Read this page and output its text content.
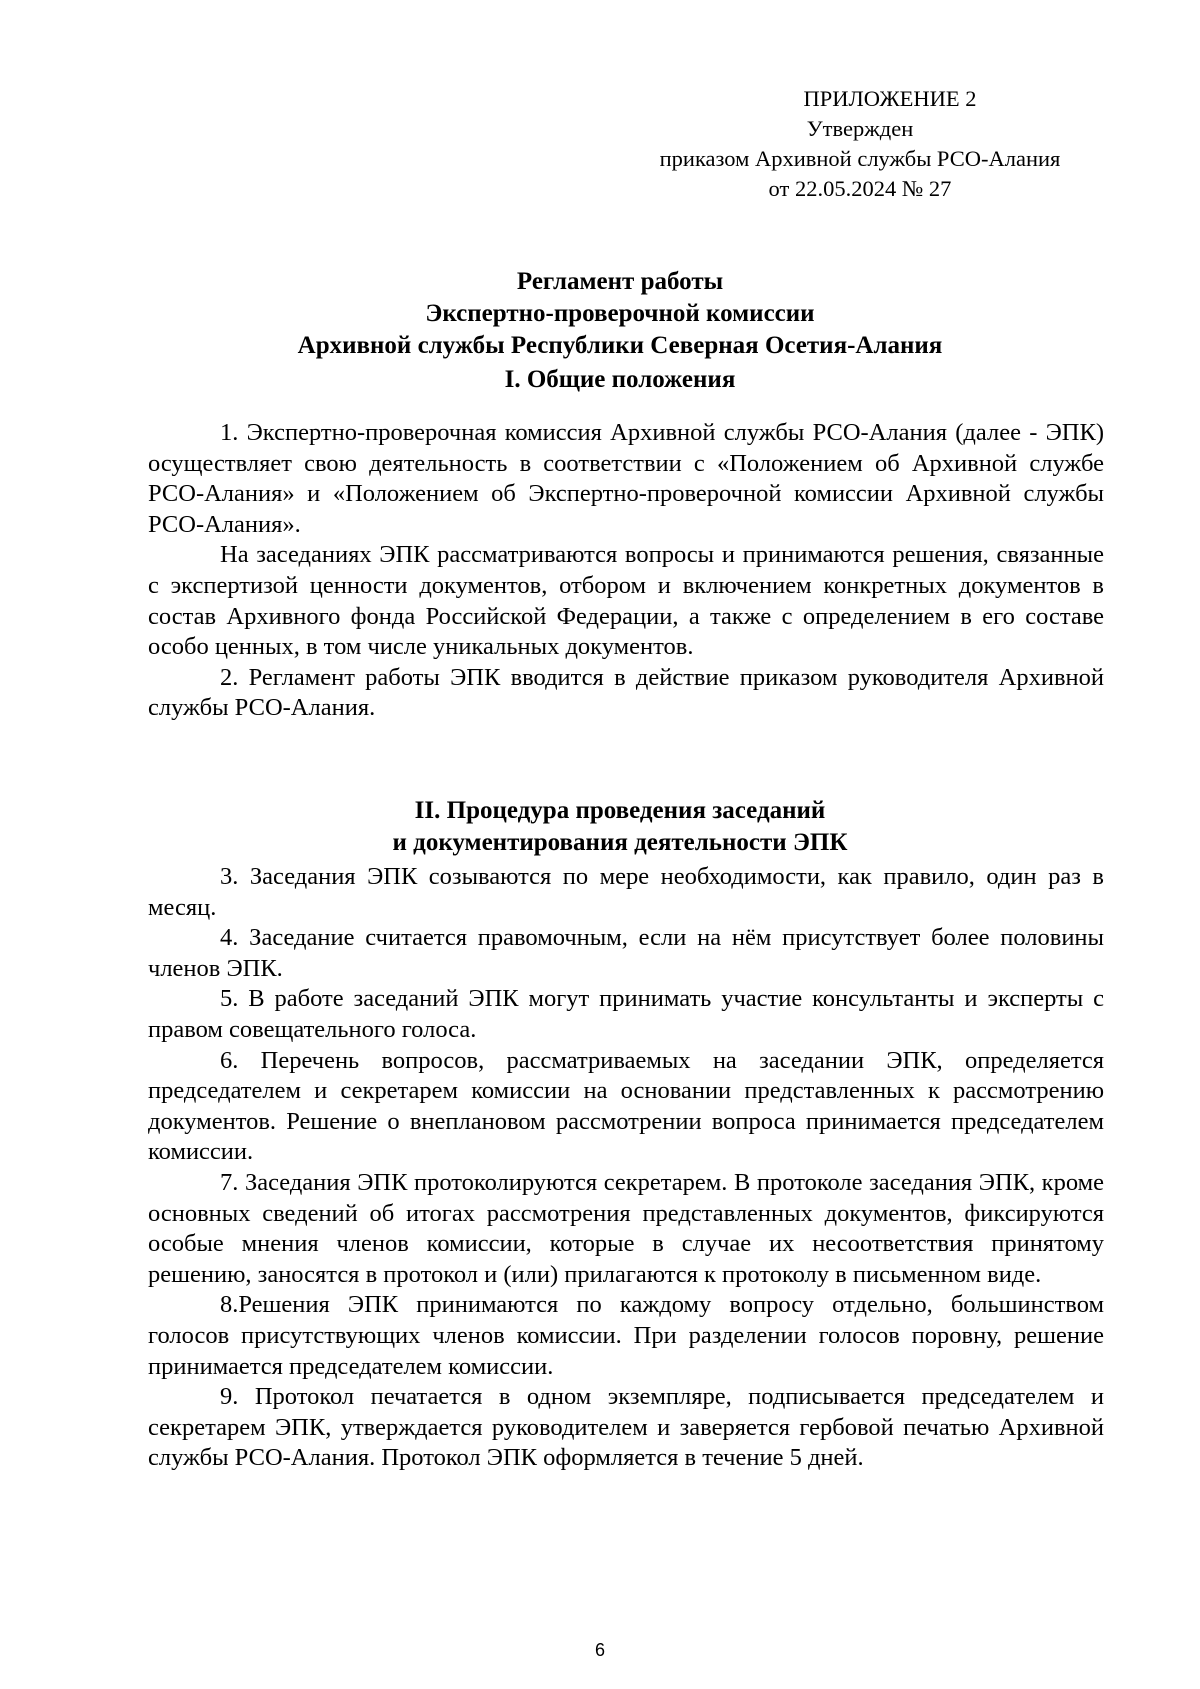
ПРИЛОЖЕНИЕ 2
Утвержден
приказом Архивной службы РСО-Алания
от 22.05.2024 № 27
Регламент работы
Экспертно-проверочной комиссии
Архивной службы Республики Северная Осетия-Алания
I. Общие положения

1. Экспертно-проверочная комиссия Архивной службы РСО-Алания (далее - ЭПК) осуществляет свою деятельность в соответствии с «Положением об Архивной службе РСО-Алания» и «Положением об Экспертно-проверочной комиссии Архивной службы РСО-Алания».

На заседаниях ЭПК рассматриваются вопросы и принимаются решения, связанные с экспертизой ценности документов, отбором и включением конкретных документов в состав Архивного фонда Российской Федерации, а также с определением в его составе особо ценных, в том числе уникальных документов.

2. Регламент работы ЭПК вводится в действие приказом руководителя Архивной службы РСО-Алания.

II. Процедура проведения заседаний
и документирования деятельности ЭПК

3. Заседания ЭПК созываются по мере необходимости, как правило, один раз в месяц.

4. Заседание считается правомочным, если на нём присутствует более половины членов ЭПК.

5. В работе заседаний ЭПК могут принимать участие консультанты и эксперты с правом совещательного голоса.

6. Перечень вопросов, рассматриваемых на заседании ЭПК, определяется председателем и секретарем комиссии на основании представленных к рассмотрению документов. Решение о внеплановом рассмотрении вопроса принимается председателем комиссии.

7. Заседания ЭПК протоколируются секретарем. В протоколе заседания ЭПК, кроме основных сведений об итогах рассмотрения представленных документов, фиксируются особые мнения членов комиссии, которые в случае их несоответствия принятому решению, заносятся в протокол и (или) прилагаются к протоколу в письменном виде.

8.Решения ЭПК принимаются по каждому вопросу отдельно, большинством голосов присутствующих членов комиссии. При разделении голосов поровну, решение принимается председателем комиссии.

9. Протокол печатается в одном экземпляре, подписывается председателем и секретарем ЭПК, утверждается руководителем и заверяется гербовой печатью Архивной службы РСО-Алания. Протокол ЭПК оформляется в течение 5 дней.

6
